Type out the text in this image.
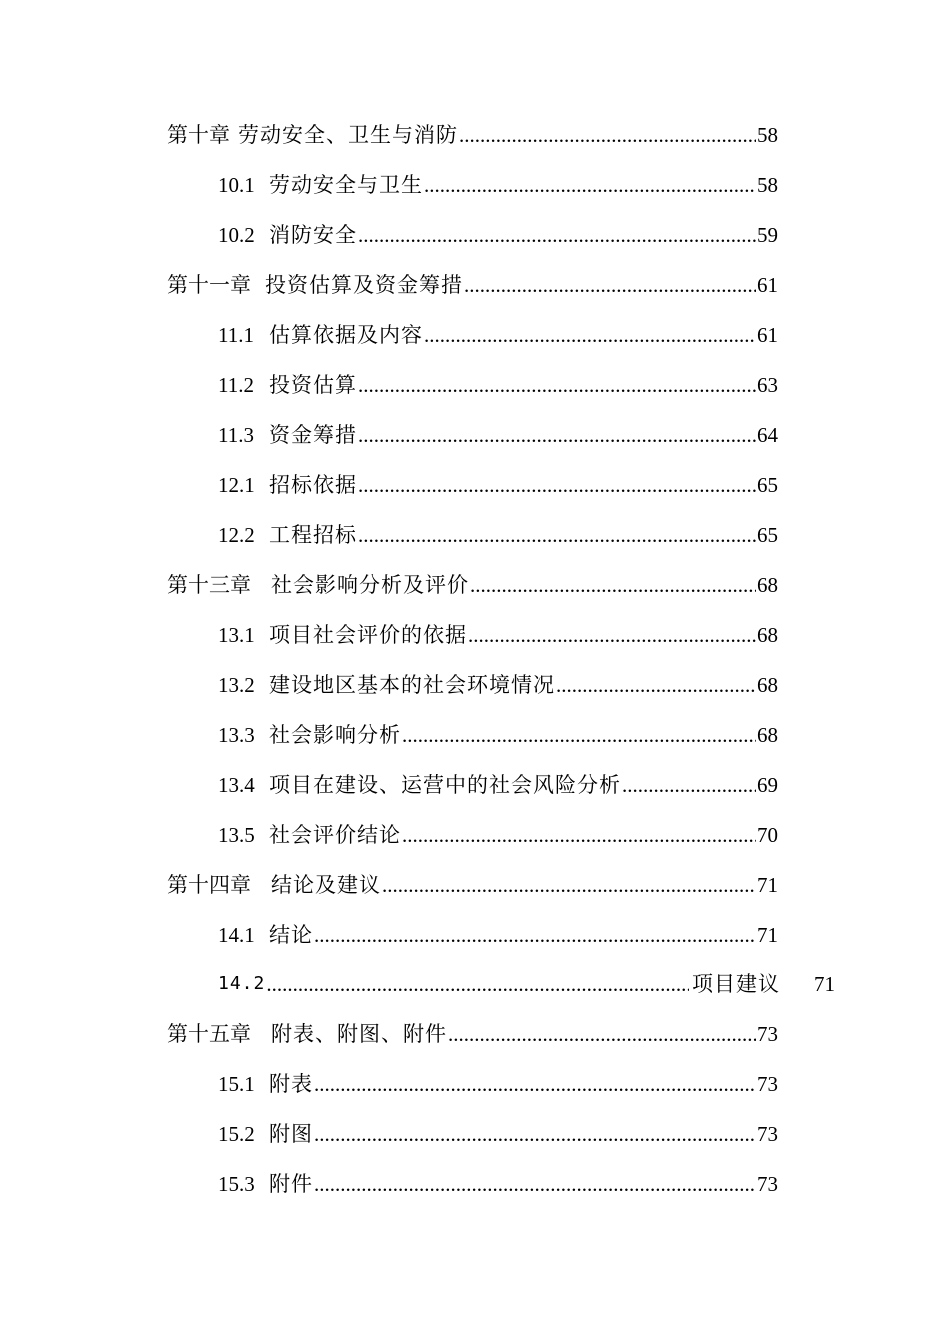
第十章 劳动安全、卫生与消防 .....	58
10.1 劳动安全与卫生 .....	58
10.2 消防安全 .....	59
第十一章 投资估算及资金筹措 .....	61
11.1 估算依据及内容 .....	61
11.2 投资估算 .....	63
11.3 资金筹措 .....	64
12.1 招标依据 .....	65
12.2 工程招标 .....	65
第十三章 社会影响分析及评价 .....	68
13.1 项目社会评价的依据 .....	68
13.2 建设地区基本的社会环境情况 .....	68
13.3 社会影响分析 .....	68
13.4 项目在建设、运营中的社会风险分析 .....	69
13.5 社会评价结论 .....	70
第十四章 结论及建议 .....	71
14.1 结论 .....	71
14.2 .....	项目建议 71
第十五章 附表、附图、附件 .....	73
15.1 附表 .....	73
15.2 附图 .....	73
15.3 附件 .....	73
